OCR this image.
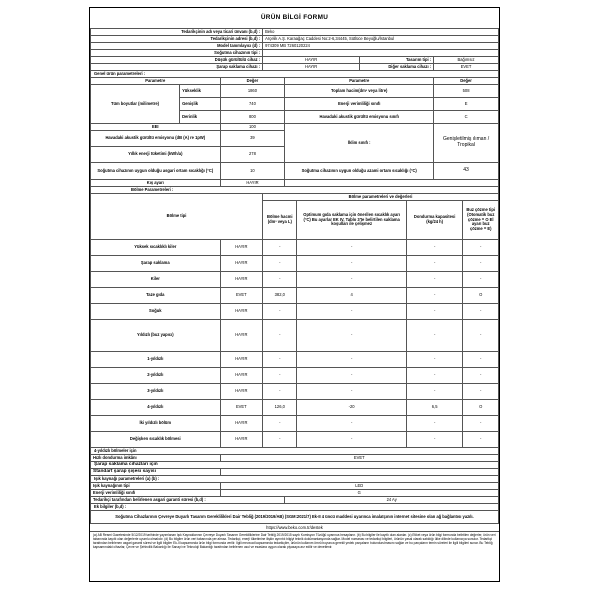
ÜRÜN BİLGİ FORMU
Tedarikçinin adı veya ticari ünvanı (b,d) :			Beko						
Tedarikçinin adresi (b,d) :			Arçelik A.Ş. Karaağaç Caddesi No:2-6,34445, Sütlüce Beyoğlu/İstanbul						
Model tanımlayıcı (d) :			974309 MB 7260120224						
Soğutma cihazının tipi :									
Düşük gürültülü cihaz :			HAYIR			Tasarım tipi :		Bağımsız	
Şarap saklama cihazı :			HAYIR			Diğer saklama cihazı :		EVET	
Genel ürün parametreleri :									
Parametre		Değer		Parametre				Değer	
Tüm boyutlar (milimetre)	Yükseklik	1860		Toplam hacim(dm³ veya litre)				508	
	Genişlik	740		Enerji verimliliği sınıfı				E	
	Derinlik	800		Havadaki akustik gürültü emisyonu sınıfı				C	
EEI		100		İklim sınıfı :				Genişletilmiş ılıman / Tropikal	
Havadaki akustik gürültü emisyonu (dB (A) re 1pW)		39							
Yıllık enerji tüketimi (kWh/a)		278							
Soğutma cihazının uygun olduğu asgari ortam sıcaklığı (°C)		10		Soğutma cihazının uygun olduğu azami ortam sıcaklığı (°C)				43	
Kış ayarı		HAYIR							
Bölme Parametreleri :									
Bölme tipi			Bölme parametreleri ve değerleri						
			Bölme hacmi (dm³ veya L)		Optimum gıda saklama için önerilen sıcaklık ayarı (°C) Bu ayarlar EK IV, Tablo 3'te belirtilen saklama koşulları ile çelişmez		Dondurma kapasitesi (kg/24 h)		Buz çözme tipi (Otomatik buz çözme = O El ayarı buz çözme = E)
Yüksek sıcaklıklı kiler		HAYIR	-		-		-		-
Şarap saklama		HAYIR	-		-		-		-
Kiler		HAYIR	-		-		-		-
Taze gıda		EVET	382,0		4		-		O
Soğuk		HAYIR	-		-		-		-
Yıldızlı (buz yapıcı)		HAYIR	-		-		-		-
1-yıldızlı		HAYIR	-		-		-		-
2-yıldızlı		HAYIR	-		-		-		-
3-yıldızlı		HAYIR	-		-		-		-
4-yıldızlı		EVET	126,0		-20		6,5		O
İki yıldızlı bölüm		HAYIR	-		-		-		-
Değişken sıcaklık bölmesi		HAYIR	-		-		-		-
4-yıldızlı bölmeler için									
Hızlı dondurma imkânı		EVET							
Şarap saklama cihazları için									
Standart şarap şişesi sayısı									
Işık kaynağı parametreleri (a) (b) :									
Işık kaynağının tipi		LED							
Enerji verimliliği sınıfı		G							
Tedarikçi tarafından belirlenen asgari garanti süresi (b,d) :				24 Ay					
Ek bilgiler (b,d) :									
Soğutma Cihazlarının Çevreye Duyarlı Tasarım Gereklilikleri Dair Tebliğ (2019/2019/AB) (SGM:2021/7) Ek-II 4 üncü maddesi uyarınca imalatçının internet sitesine olan ağ bağlantısı yazılı.									
https://www.beko.com.tr/destek
(a) AB Resmi Gazetesinde 5/12/2019 tarihinde yayımlanan Işık Kaynaklarının Çevreye Duyarlı Tasarım Gerekliliklerine Dair Tebliğ 2019/2015 sayılı Komisyon Tüzüğü uyarınca hesaplanır. (b) Bu bilgiler ile kayıtlı olan alanlar. (c) Etiket veya ürün bilgi formunda belirtilen değerler, ürün veri tabanında kayıtlı olan değerlerle uyumlu olmalıdır. (d) Bu bilgiler ürün veri tabanında yer almaz. Tedarikçi, enerji tüketimine ilişkin ayrıntılı bilgiyi teknik dokümantasyonda sağlar. Model numarası ve tedarikçi bilgileri, ürünün yasal olarak satıldığı ülke dilinde kullanıcıya sunulur. Tedarikçi tarafından belirlenen asgari garanti süresi ve ilgili bilgiler Ek-II kapsamında ürün bilgi formunda verilir. İlgili mevzuat kapsamında tedarikçiler, ürünün kullanım ömrü boyunca gerekli yedek parçaların bulundurulmasını sağlar ve bu parçaların temin süreleri ile ilgili bilgileri sunar. Bu Tebliğ kapsamındaki cihazlar, Çevre ve Şehircilik Bakanlığı ile Sanayi ve Teknoloji Bakanlığı tarafından belirlenen usul ve esaslara uygun olarak piyasaya arz edilir ve denetlenir.
